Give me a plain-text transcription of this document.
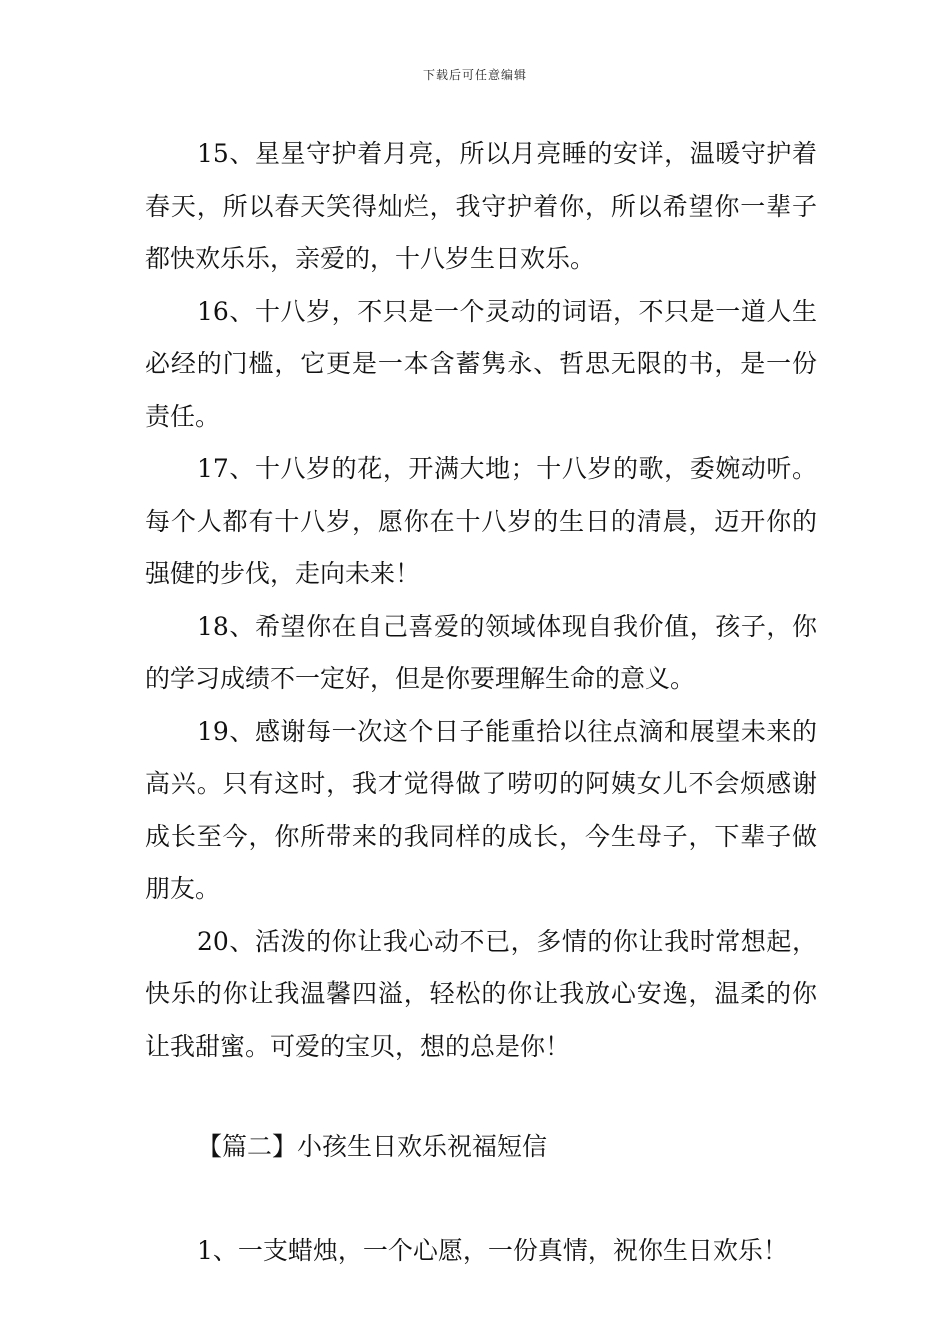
下载后可任意编辑

15、星星守护着月亮，所以月亮睡的安详，温暖守护着春天，所以春天笑得灿烂，我守护着你，所以希望你一辈子都快欢乐乐，亲爱的，十八岁生日欢乐。

16、十八岁，不只是一个灵动的词语，不只是一道人生必经的门槛，它更是一本含蓄隽永、哲思无限的书，是一份责任。

17、十八岁的花，开满大地；十八岁的歌，委婉动听。每个人都有十八岁，愿你在十八岁的生日的清晨，迈开你的强健的步伐，走向未来！

18、希望你在自己喜爱的领域体现自我价值，孩子，你的学习成绩不一定好，但是你要理解生命的意义。

19、感谢每一次这个日子能重拾以往点滴和展望未来的高兴。只有这时，我才觉得做了唠叨的阿姨女儿不会烦感谢成长至今，你所带来的我同样的成长，今生母子，下辈子做朋友。

20、活泼的你让我心动不已，多情的你让我时常想起，快乐的你让我温馨四溢，轻松的你让我放心安逸，温柔的你让我甜蜜。可爱的宝贝，想的总是你！

【篇二】小孩生日欢乐祝福短信

1、一支蜡烛，一个心愿，一份真情，祝你生日欢乐！
